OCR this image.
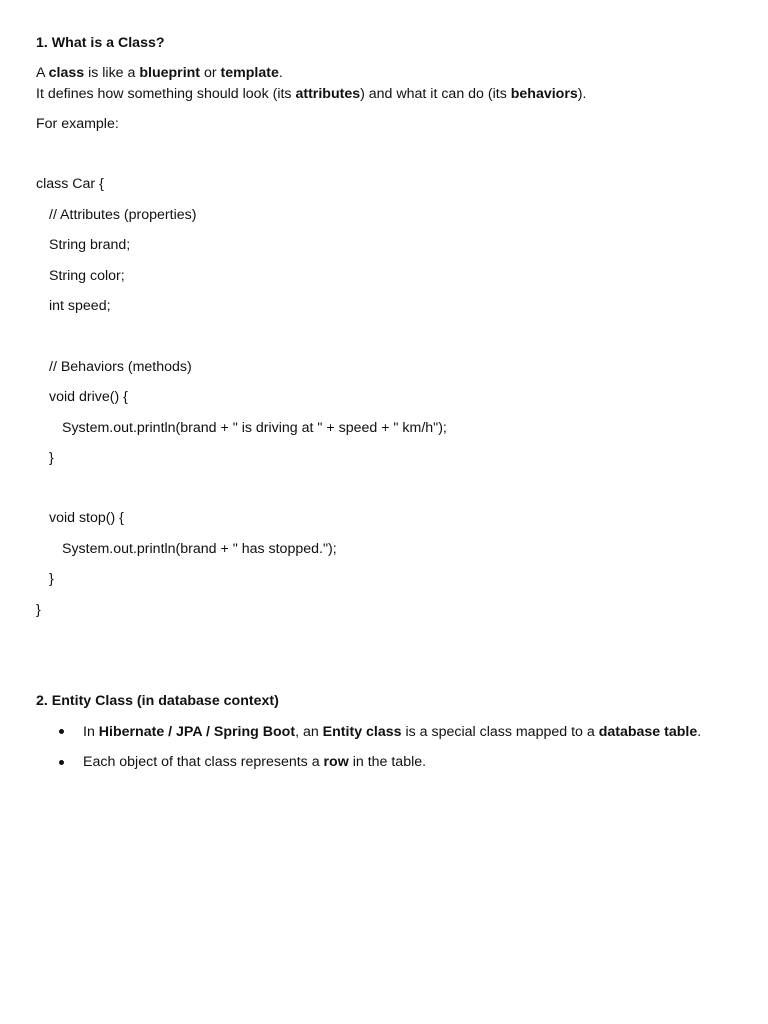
1. What is a Class?
A class is like a blueprint or template.
It defines how something should look (its attributes) and what it can do (its behaviors).
For example:
class Car {
// Attributes (properties)
String brand;
String color;
int speed;
// Behaviors (methods)
void drive() {
System.out.println(brand + " is driving at " + speed + " km/h");
}
void stop() {
System.out.println(brand + " has stopped.");
}
}
2. Entity Class (in database context)
In Hibernate / JPA / Spring Boot, an Entity class is a special class mapped to a database table.
Each object of that class represents a row in the table.
